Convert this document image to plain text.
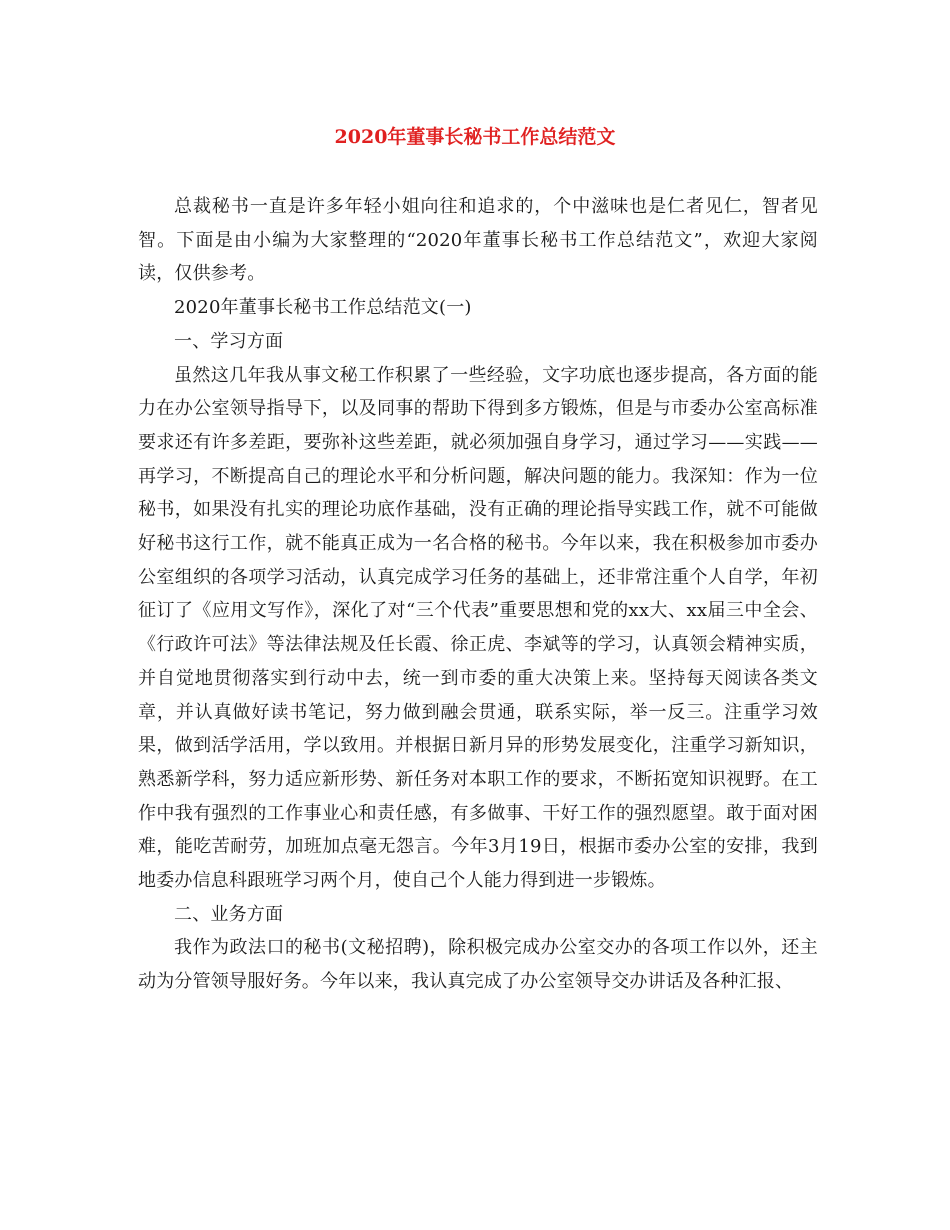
2020年董事长秘书工作总结范文

总裁秘书一直是许多年轻小姐向往和追求的，个中滋味也是仁者见仁，智者见智。下面是由小编为大家整理的“2020年董事长秘书工作总结范文”，欢迎大家阅读，仅供参考。

2020年董事长秘书工作总结范文(一)

一、学习方面

虽然这几年我从事文秘工作积累了一些经验，文字功底也逐步提高，各方面的能力在办公室领导指导下，以及同事的帮助下得到多方锻炼，但是与市委办公室高标准要求还有许多差距，要弥补这些差距，就必须加强自身学习，通过学习——实践——再学习，不断提高自己的理论水平和分析问题，解决问题的能力。我深知：作为一位秘书，如果没有扎实的理论功底作基础，没有正确的理论指导实践工作，就不可能做好秘书这行工作，就不能真正成为一名合格的秘书。今年以来，我在积极参加市委办公室组织的各项学习活动，认真完成学习任务的基础上，还非常注重个人自学，年初征订了《应用文写作》，深化了对“三个代表”重要思想和党的xx大、xx届三中全会、《行政许可法》等法律法规及任长霞、徐正虎、李斌等的学习，认真领会精神实质，并自觉地贯彻落实到行动中去，统一到市委的重大决策上来。坚持每天阅读各类文章，并认真做好读书笔记，努力做到融会贯通，联系实际，举一反三。注重学习效果，做到活学活用，学以致用。并根据日新月异的形势发展变化，注重学习新知识，熟悉新学科，努力适应新形势、新任务对本职工作的要求，不断拓宽知识视野。在工作中我有强烈的工作事业心和责任感，有多做事、干好工作的强烈愿望。敢于面对困难，能吃苦耐劳，加班加点毫无怨言。今年3月19日，根据市委办公室的安排，我到地委办信息科跟班学习两个月，使自己个人能力得到进一步锻炼。

二、业务方面

我作为政法口的秘书(文秘招聘)，除积极完成办公室交办的各项工作以外，还主动为分管领导服好务。今年以来，我认真完成了办公室领导交办讲话及各种汇报、
